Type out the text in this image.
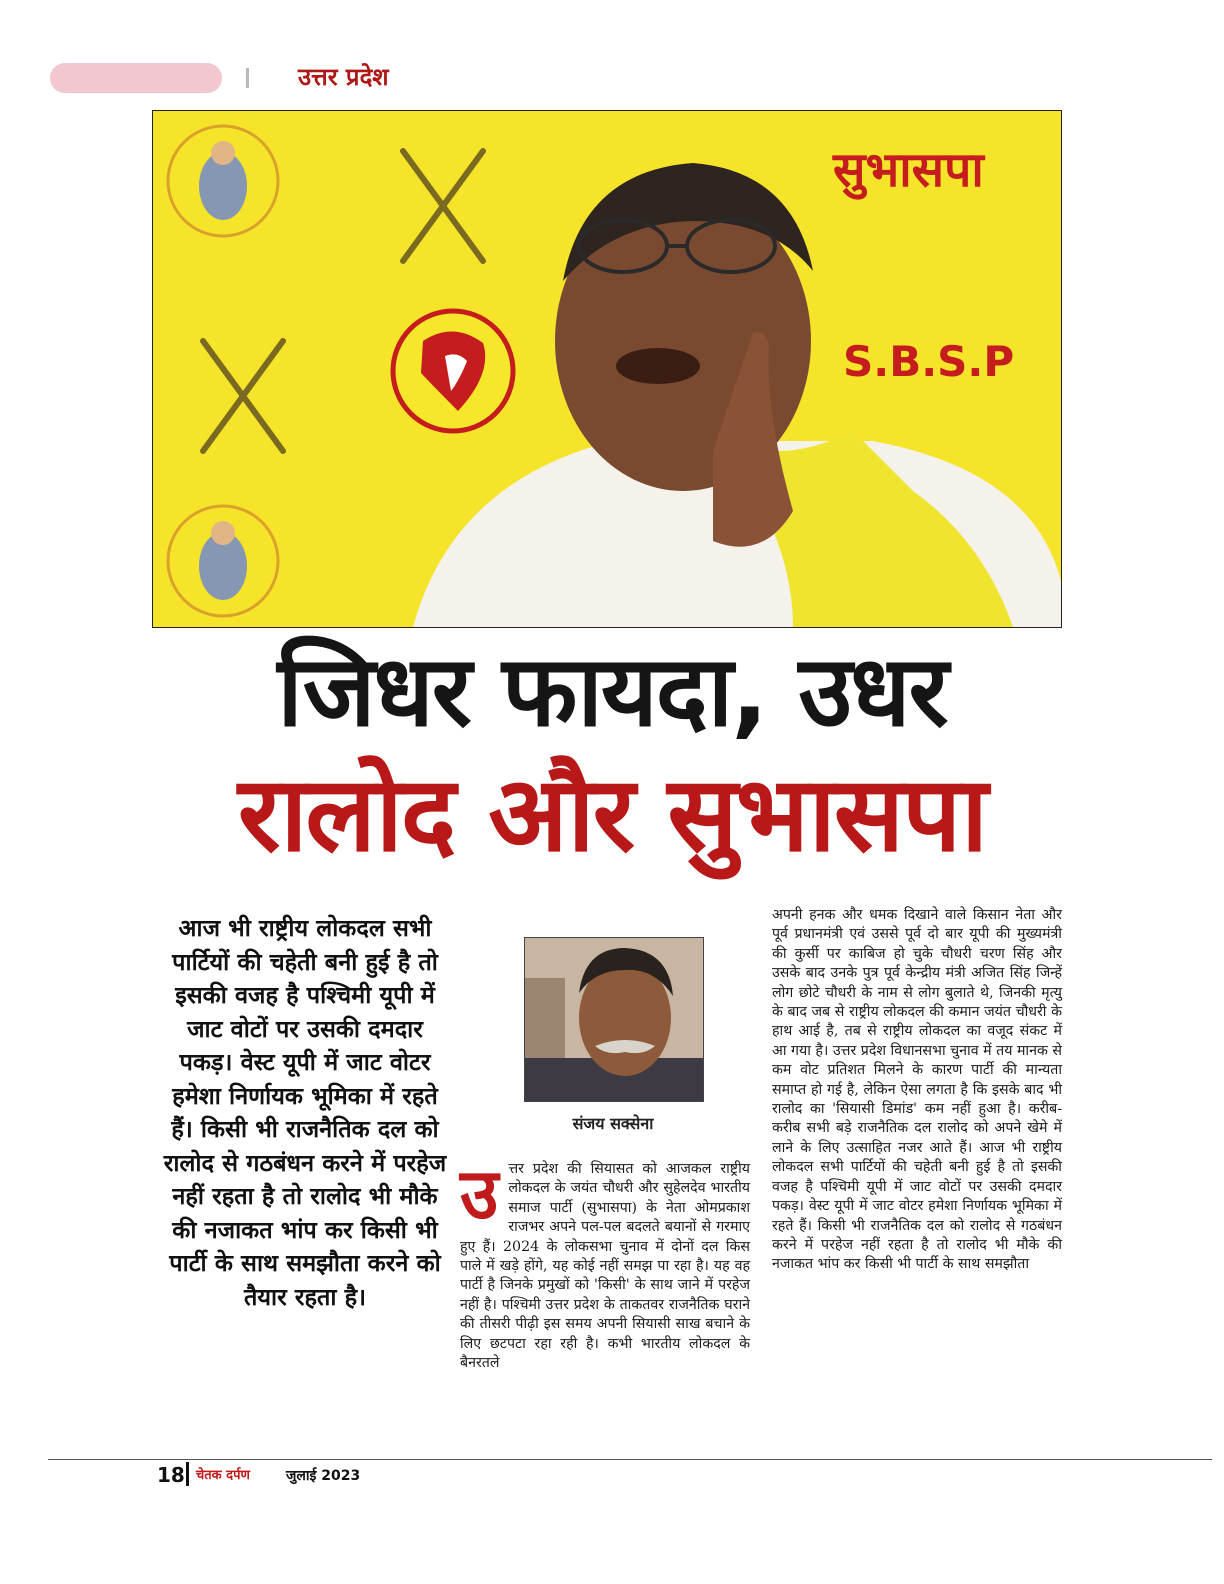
उत्तर प्रदेश
सुभासपा
S.B.S.P
जिधर फायदा, उधर
रालोद और सुभासपा
आज भी राष्ट्रीय लोकदल सभी पार्टियों की चहेती बनी हुई है तो इसकी वजह है पश्चिमी यूपी में जाट वोटों पर उसकी दमदार पकड़। वेस्ट यूपी में जाट वोटर हमेशा निर्णायक भूमिका में रहते हैं। किसी भी राजनैतिक दल को रालोद से गठबंधन करने में परहेज नहीं रहता है तो रालोद भी मौके की नजाकत भांप कर किसी भी पार्टी के साथ समझौता करने को तैयार रहता है।
संजय सक्सेना
उत्तर प्रदेश की सियासत को आजकल राष्ट्रीय लोकदल के जयंत चौधरी और सुहेलदेव भारतीय समाज पार्टी (सुभासपा) के नेता ओमप्रकाश राजभर अपने पल-पल बदलते बयानों से गरमाए हुए हैं। 2024 के लोकसभा चुनाव में दोनों दल किस पाले में खड़े होंगे, यह कोई नहीं समझ पा रहा है। यह वह पार्टी है जिनके प्रमुखों को 'किसी' के साथ जाने में परहेज नहीं है। पश्चिमी उत्तर प्रदेश के ताकतवर राजनैतिक घराने की तीसरी पीढ़ी इस समय अपनी सियासी साख बचाने के लिए छटपटा रहा रही है। कभी भारतीय लोकदल के बैनरतले
अपनी हनक और धमक दिखाने वाले किसान नेता और पूर्व प्रधानमंत्री एवं उससे पूर्व दो बार यूपी की मुख्यमंत्री की कुर्सी पर काबिज हो चुके चौधरी चरण सिंह और उसके बाद उनके पुत्र पूर्व केन्द्रीय मंत्री अजित सिंह जिन्हें लोग छोटे चौधरी के नाम से लोग बुलाते थे, जिनकी मृत्यु के बाद जब से राष्ट्रीय लोकदल की कमान जयंत चौधरी के हाथ आई है, तब से राष्ट्रीय लोकदल का वजूद संकट में आ गया है। उत्तर प्रदेश विधानसभा चुनाव में तय मानक से कम वोट प्रतिशत मिलने के कारण पार्टी की मान्यता समाप्त हो गई है, लेकिन ऐसा लगता है कि इसके बाद भी रालोद का 'सियासी डिमांड' कम नहीं हुआ है। करीब-करीब सभी बड़े राजनैतिक दल रालोद को अपने खेमे में लाने के लिए उत्साहित नजर आते हैं। आज भी राष्ट्रीय लोकदल सभी पार्टियों की चहेती बनी हुई है तो इसकी वजह है पश्चिमी यूपी में जाट वोटों पर उसकी दमदार पकड़। वेस्ट यूपी में जाट वोटर हमेशा निर्णायक भूमिका में रहते हैं। किसी भी राजनैतिक दल को रालोद से गठबंधन करने में परहेज नहीं रहता है तो रालोद भी मौके की नजाकत भांप कर किसी भी पार्टी के साथ समझौता
18 चेतक दर्पण	जुलाई 2023
